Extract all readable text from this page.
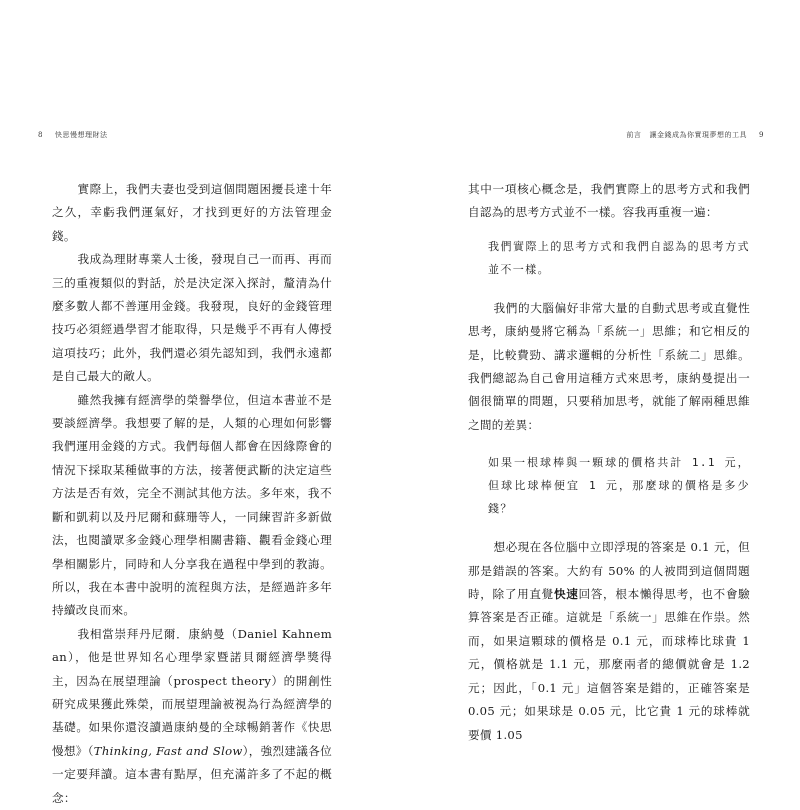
8 快思慢想理財法

實際上，我們夫妻也受到這個問題困擾長達十年之久，幸虧我們運氣好，才找到更好的方法管理金錢。

我成為理財專業人士後，發現自己一而再、再而三的重複類似的對話，於是決定深入探討，釐清為什麼多數人都不善運用金錢。我發現，良好的金錢管理技巧必須經過學習才能取得，只是幾乎不再有人傳授這項技巧；此外，我們還必須先認知到，我們永遠都是自己最大的敵人。

雖然我擁有經濟學的榮譽學位，但這本書並不是要談經濟學。我想要了解的是，人類的心理如何影響我們運用金錢的方式。我們每個人都會在因緣際會的情況下採取某種做事的方法，接著便武斷的決定這些方法是否有效，完全不測試其他方法。多年來，我不斷和凱莉以及丹尼爾和蘇珊等人，一同練習許多新做法，也閱讀眾多金錢心理學相關書籍、觀看金錢心理學相關影片，同時和人分享我在過程中學到的教誨。所以，我在本書中說明的流程與方法，是經過許多年持續改良而來。

我相當崇拜丹尼爾．康納曼（Daniel Kahneman），他是世界知名心理學家暨諾貝爾經濟學獎得主，因為在展望理論（prospect theory）的開創性研究成果獲此殊榮，而展望理論被視為行為經濟學的基礎。如果你還沒讀過康納曼的全球暢銷著作《快思慢想》（Thinking, Fast and Slow），強烈建議各位一定要拜讀。這本書有點厚，但充滿許多了不起的概念：

前言 讓金錢成為你實現夢想的工具 9

其中一項核心概念是，我們實際上的思考方式和我們自認為的思考方式並不一樣。容我再重複一遍：

我們實際上的思考方式和我們自認為的思考方式並不一樣。

我們的大腦偏好非常大量的自動式思考或直覺性思考，康納曼將它稱為「系統一」思維；和它相反的是，比較費勁、講求邏輯的分析性「系統二」思維。我們總認為自己會用這種方式來思考，康納曼提出一個很簡單的問題，只要稍加思考，就能了解兩種思維之間的差異：

如果一根球棒與一顆球的價格共計 1.1 元，但球比球棒便宜 1 元，那麼球的價格是多少錢？

想必現在各位腦中立即浮現的答案是 0.1 元，但那是錯誤的答案。大約有 50% 的人被問到這個問題時，除了用直覺快速回答，根本懶得思考，也不會驗算答案是否正確。這就是「系統一」思維在作祟。然而，如果這顆球的價格是 0.1 元，而球棒比球貴 1 元，價格就是 1.1 元，那麼兩者的總價就會是 1.2 元；因此，「0.1 元」這個答案是錯的，正確答案是 0.05 元；如果球是 0.05 元，比它貴 1 元的球棒就要價 1.05
